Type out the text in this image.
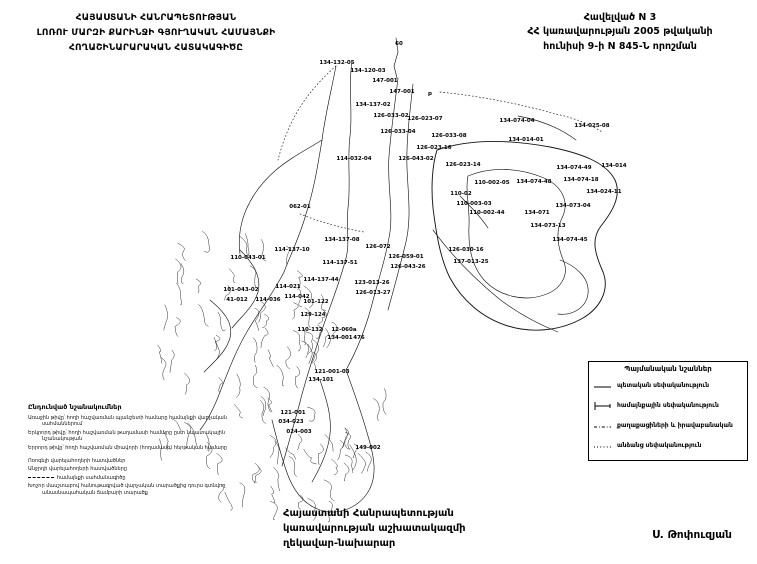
60
134-132-05
134-120-03
147-001
147-001 p
134-137-02
126-033-02
126-023-07
126-033-04
126-033-08
126-023-16
126-043-02
114-032-04
134-074-04
134-025-08
134-014-01
126-023-14	134-074-49
134-074-18
134-024-11
134-014
110-002-05
110-02
110-003-03
110-002-44
134-074-48
134-073-04
134-071
134-073-13
134-074-45
062-01
134-137-08
114-137-10
114-137-51
114-137-44
114-021
114-042
101-122
129-124
110-132 12-060a
134-001 476
110-043-01
101-043-02
114-036
41-012
126-072
126-059-01
126-043-26
123-013-26
126-013-27
126-030-16
137-013-25
121-001-03
134-101
121-001
034-023
024-003
149-002
ՀԱՅԱՍՏԱՆԻ ՀԱՆՐԱՊԵՏՈՒԹՅԱՆ
ԼՈՌՈՒ ՄԱՐԶԻ ՔԱՐԻՆՋԻ ԳՅՈՒՂԱԿԱՆ ՀԱՄԱՅՆՔԻ
ՀՈՂԱՇԻՆԱՐԱՐԱԿԱՆ ՀԱՏԱԿԱԳԻԾԸ
Հավելված N 3
ՀՀ կառավարության 2005 թվականի
հունիսի 9-ի N 845-Ն որոշման
Պայմանական նշաններ
պետական սեփականություն
համայնքային սեփականություն
քաղաքացիների և իրավաբանական
անձանց սեփականություն
Ընդունված նշանակումներ
Առաջին թիվը՝ հողի հաշվառման պլանշետի համարը համայնքի վարչական սահմաններում
Երկրորդ թիվը՝ հողի հաշվառման թաղամասի համարը ըստ նպատակային նշանակության
Երրորդ թիվը՝ հողի հաշվառման միավորի (հողամասի) հերթական համարը
Ոռոգելի վարելահողերի հատվածներ
Անջրդի վարելահողերի հատվածները
համայնքի սահմանագիծը
Խոշոր մասշտաբով հանութագրված վարչական տարածքից դուրս գտնվող անասնապահական ճամբարի տարածք
Հայաստանի Հանրապետության
կառավարության աշխատակազմի
ղեկավար-նախարար
Ս. Թոփուզյան
